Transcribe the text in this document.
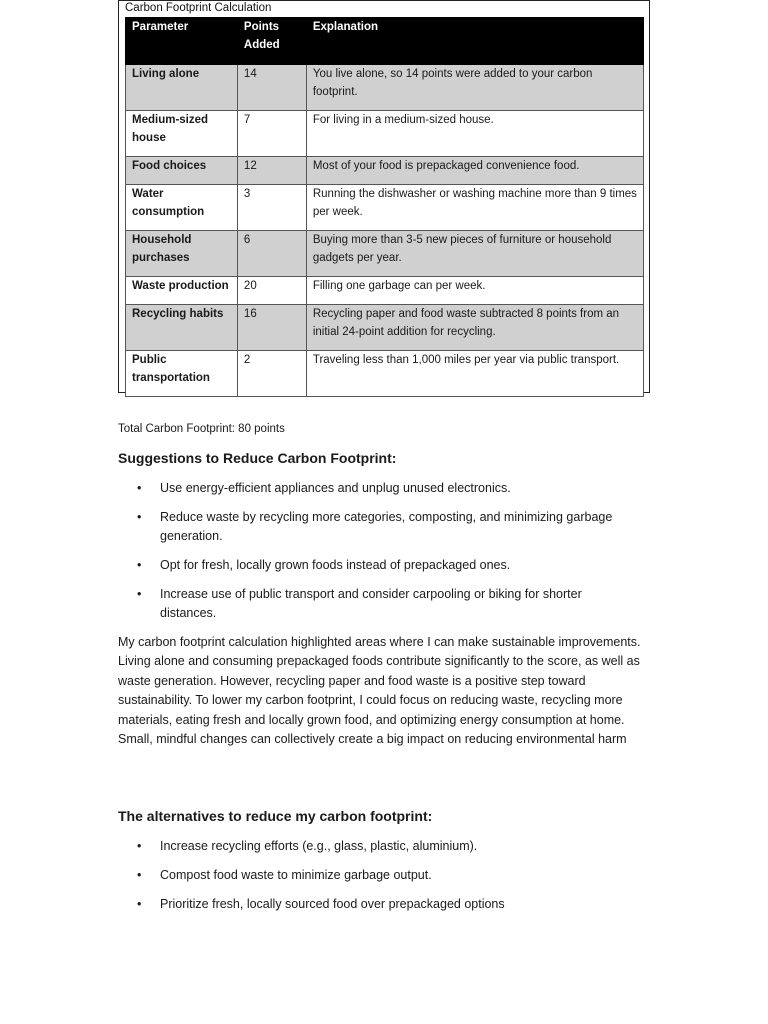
Carbon Footprint Calculation
Parameter	Points Added	Explanation
Living alone	14	You live alone, so 14 points were added to your carbon footprint.
Medium-sized house	7	For living in a medium-sized house.
Food choices	12	Most of your food is prepackaged convenience food.
Water consumption	3	Running the dishwasher or washing machine more than 9 times per week.
Household purchases	6	Buying more than 3-5 new pieces of furniture or household gadgets per year.
Waste production	20	Filling one garbage can per week.
Recycling habits	16	Recycling paper and food waste subtracted 8 points from an initial 24-point addition for recycling.
Public transportation	2	Traveling less than 1,000 miles per year via public transport.
Total Carbon Footprint: 80 points
Suggestions to Reduce Carbon Footprint:
• Use energy-efficient appliances and unplug unused electronics.
• Reduce waste by recycling more categories, composting, and minimizing garbage generation.
• Opt for fresh, locally grown foods instead of prepackaged ones.
• Increase use of public transport and consider carpooling or biking for shorter distances.

My carbon footprint calculation highlighted areas where I can make sustainable improvements. Living alone and consuming prepackaged foods contribute significantly to the score, as well as waste generation. However, recycling paper and food waste is a positive step toward sustainability. To lower my carbon footprint, I could focus on reducing waste, recycling more materials, eating fresh and locally grown food, and optimizing energy consumption at home. Small, mindful changes can collectively create a big impact on reducing environmental harm

The alternatives to reduce my carbon footprint:
• Increase recycling efforts (e.g., glass, plastic, aluminium).
• Compost food waste to minimize garbage output.
• Prioritize fresh, locally sourced food over prepackaged options
